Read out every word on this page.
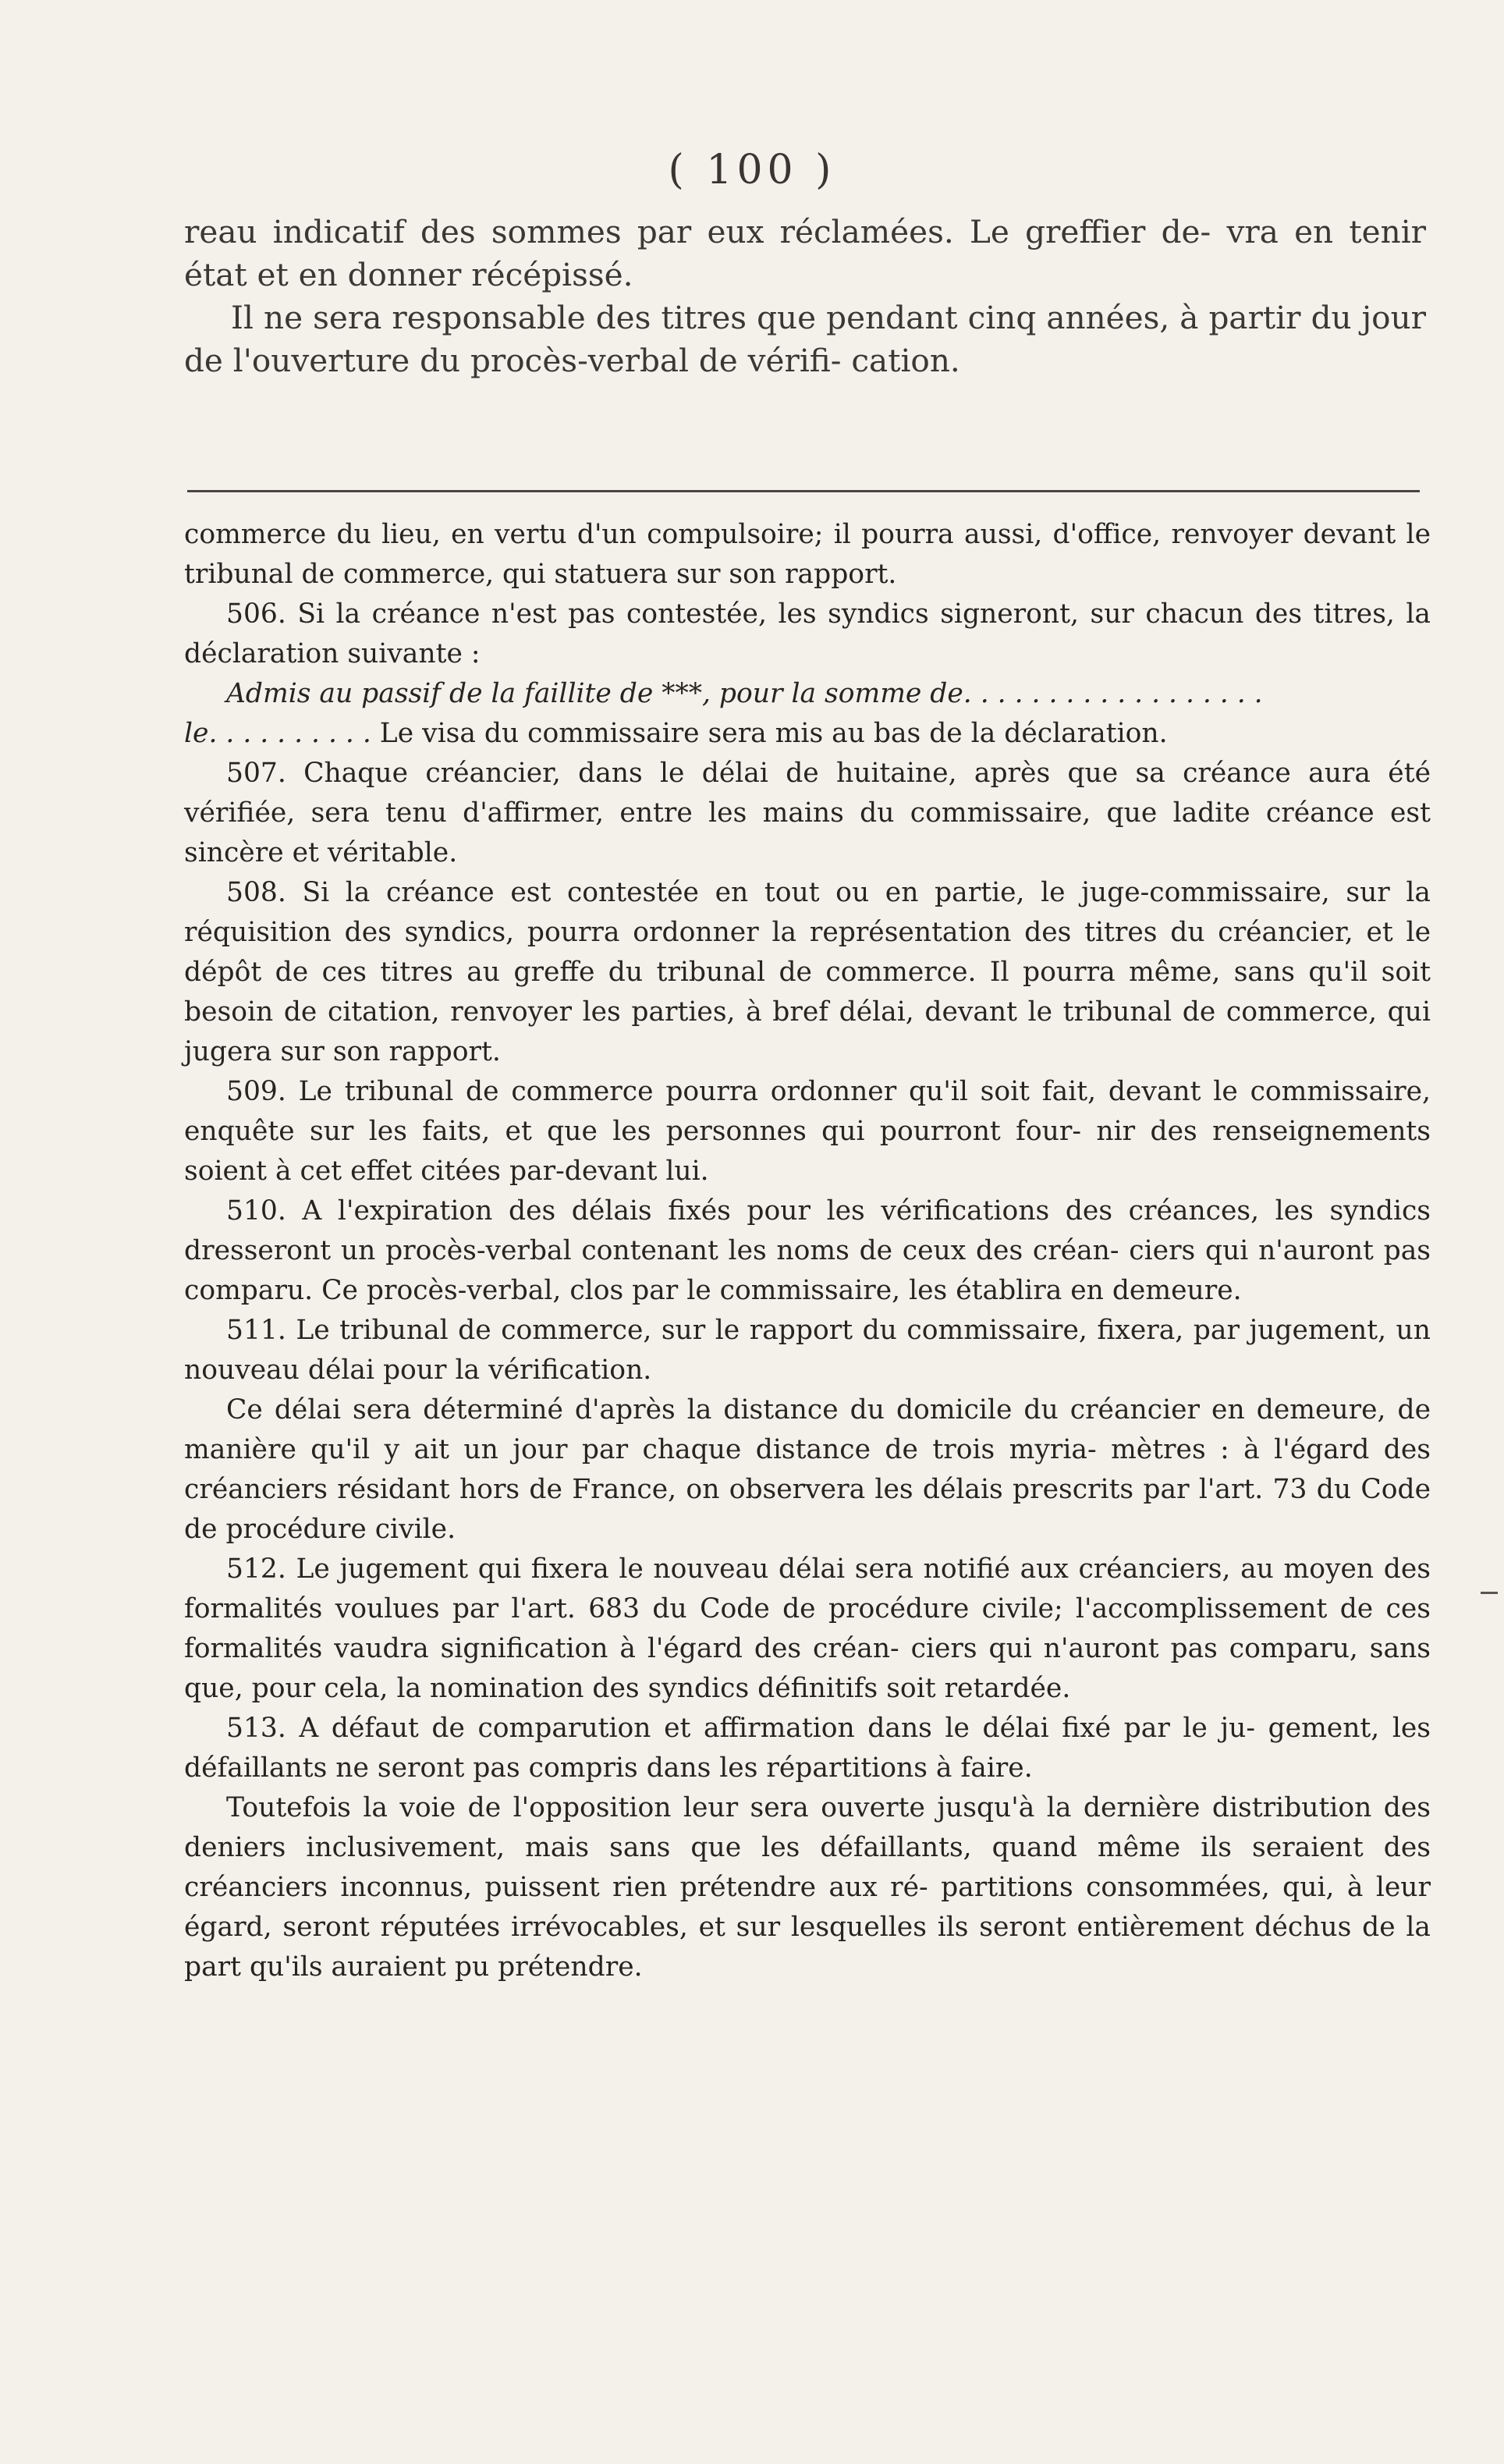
( 100 )

reau indicatif des sommes par eux réclamées. Le greffier de- vra en tenir état et en donner récépissé.

Il ne sera responsable des titres que pendant cinq années, à partir du jour de l'ouverture du procès-verbal de vérifi- cation.

commerce du lieu, en vertu d'un compulsoire; il pourra aussi, d'office, renvoyer devant le tribunal de commerce, qui statuera sur son rapport.

506. Si la créance n'est pas contestée, les syndics signeront, sur chacun des titres, la déclaration suivante :

Admis au passif de la faillite de ***, pour la somme de. . . . . . . . . . . . . . . . . .

le. . . . . . . . . . Le visa du commissaire sera mis au bas de la déclaration.

507. Chaque créancier, dans le délai de huitaine, après que sa créance aura été vérifiée, sera tenu d'affirmer, entre les mains du commissaire, que ladite créance est sincère et véritable.

508. Si la créance est contestée en tout ou en partie, le juge-commissaire, sur la réquisition des syndics, pourra ordonner la représentation des titres du créancier, et le dépôt de ces titres au greffe du tribunal de commerce. Il pourra même, sans qu'il soit besoin de citation, renvoyer les parties, à bref délai, devant le tribunal de commerce, qui jugera sur son rapport.

509. Le tribunal de commerce pourra ordonner qu'il soit fait, devant le commissaire, enquête sur les faits, et que les personnes qui pourront four- nir des renseignements soient à cet effet citées par-devant lui.

510. A l'expiration des délais fixés pour les vérifications des créances, les syndics dresseront un procès-verbal contenant les noms de ceux des créan- ciers qui n'auront pas comparu. Ce procès-verbal, clos par le commissaire, les établira en demeure.

511. Le tribunal de commerce, sur le rapport du commissaire, fixera, par jugement, un nouveau délai pour la vérification.

Ce délai sera déterminé d'après la distance du domicile du créancier en demeure, de manière qu'il y ait un jour par chaque distance de trois myria- mètres : à l'égard des créanciers résidant hors de France, on observera les délais prescrits par l'art. 73 du Code de procédure civile.

512. Le jugement qui fixera le nouveau délai sera notifié aux créanciers, au moyen des formalités voulues par l'art. 683 du Code de procédure civile; l'accomplissement de ces formalités vaudra signification à l'égard des créan- ciers qui n'auront pas comparu, sans que, pour cela, la nomination des syndics définitifs soit retardée.

513. A défaut de comparution et affirmation dans le délai fixé par le ju- gement, les défaillants ne seront pas compris dans les répartitions à faire.

Toutefois la voie de l'opposition leur sera ouverte jusqu'à la dernière distribution des deniers inclusivement, mais sans que les défaillants, quand même ils seraient des créanciers inconnus, puissent rien prétendre aux ré- partitions consommées, qui, à leur égard, seront réputées irrévocables, et sur lesquelles ils seront entièrement déchus de la part qu'ils auraient pu prétendre.
